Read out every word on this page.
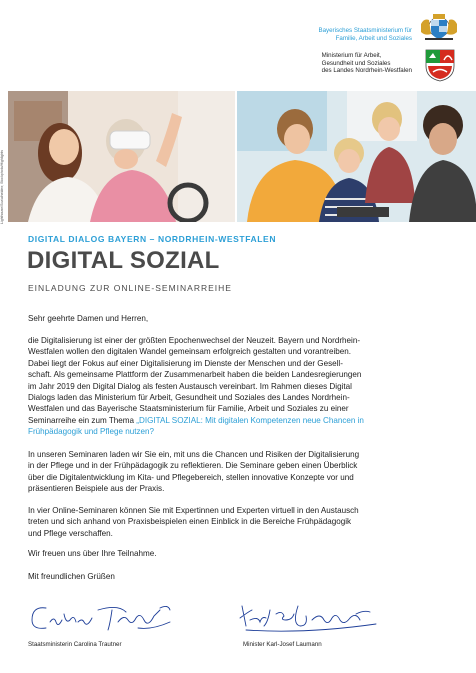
Bayerisches Staatsministerium für
Familie, Arbeit und Soziales
Ministerium für Arbeit,
Gesundheit und Soziales
des Landes Nordrhein-Westfalen
Lighthouse/Sozialhelden; Stockphoto/Highlights
DIGITAL DIALOG BAYERN – NORDRHEIN-WESTFALEN
DIGITAL SOZIAL
EINLADUNG ZUR ONLINE-SEMINARREIHE
Sehr geehrte Damen und Herren,
die Digitalisierung ist einer der größten Epochenwechsel der Neuzeit. Bayern und Nordrhein-
Westfalen wollen den digitalen Wandel gemeinsam erfolgreich gestalten und vorantreiben.
Dabei liegt der Fokus auf einer Digitalisierung im Dienste der Menschen und der Gesell-
schaft. Als gemeinsame Plattform der Zusammenarbeit haben die beiden Landesregierungen
im Jahr 2019 den Digital Dialog als festen Austausch vereinbart. Im Rahmen dieses Digital
Dialogs laden das Ministerium für Arbeit, Gesundheit und Soziales des Landes Nordrhein-
Westfalen und das Bayerische Staatsministerium für Familie, Arbeit und Soziales zu einer
Seminarreihe ein zum Thema „DIGITAL SOZIAL: Mit digitalen Kompetenzen neue Chancen in
Frühpädagogik und Pflege nutzen?
In unseren Seminaren laden wir Sie ein, mit uns die Chancen und Risiken der Digitalisierung
in der Pflege und in der Frühpädagogik zu reflektieren. Die Seminare geben einen Überblick
über die Digitalentwicklung im Kita- und Pflegebereich, stellen innovative Konzepte vor und
präsentieren Beispiele aus der Praxis.
In vier Online-Seminaren können Sie mit Expertinnen und Experten virtuell in den Austausch
treten und sich anhand von Praxisbeispielen einen Einblick in die Bereiche Frühpädagogik
und Pflege verschaffen.
Wir freuen uns über Ihre Teilnahme.
Mit freundlichen Grüßen
Staatsministerin Carolina Trautner	Minister Karl-Josef Laumann
